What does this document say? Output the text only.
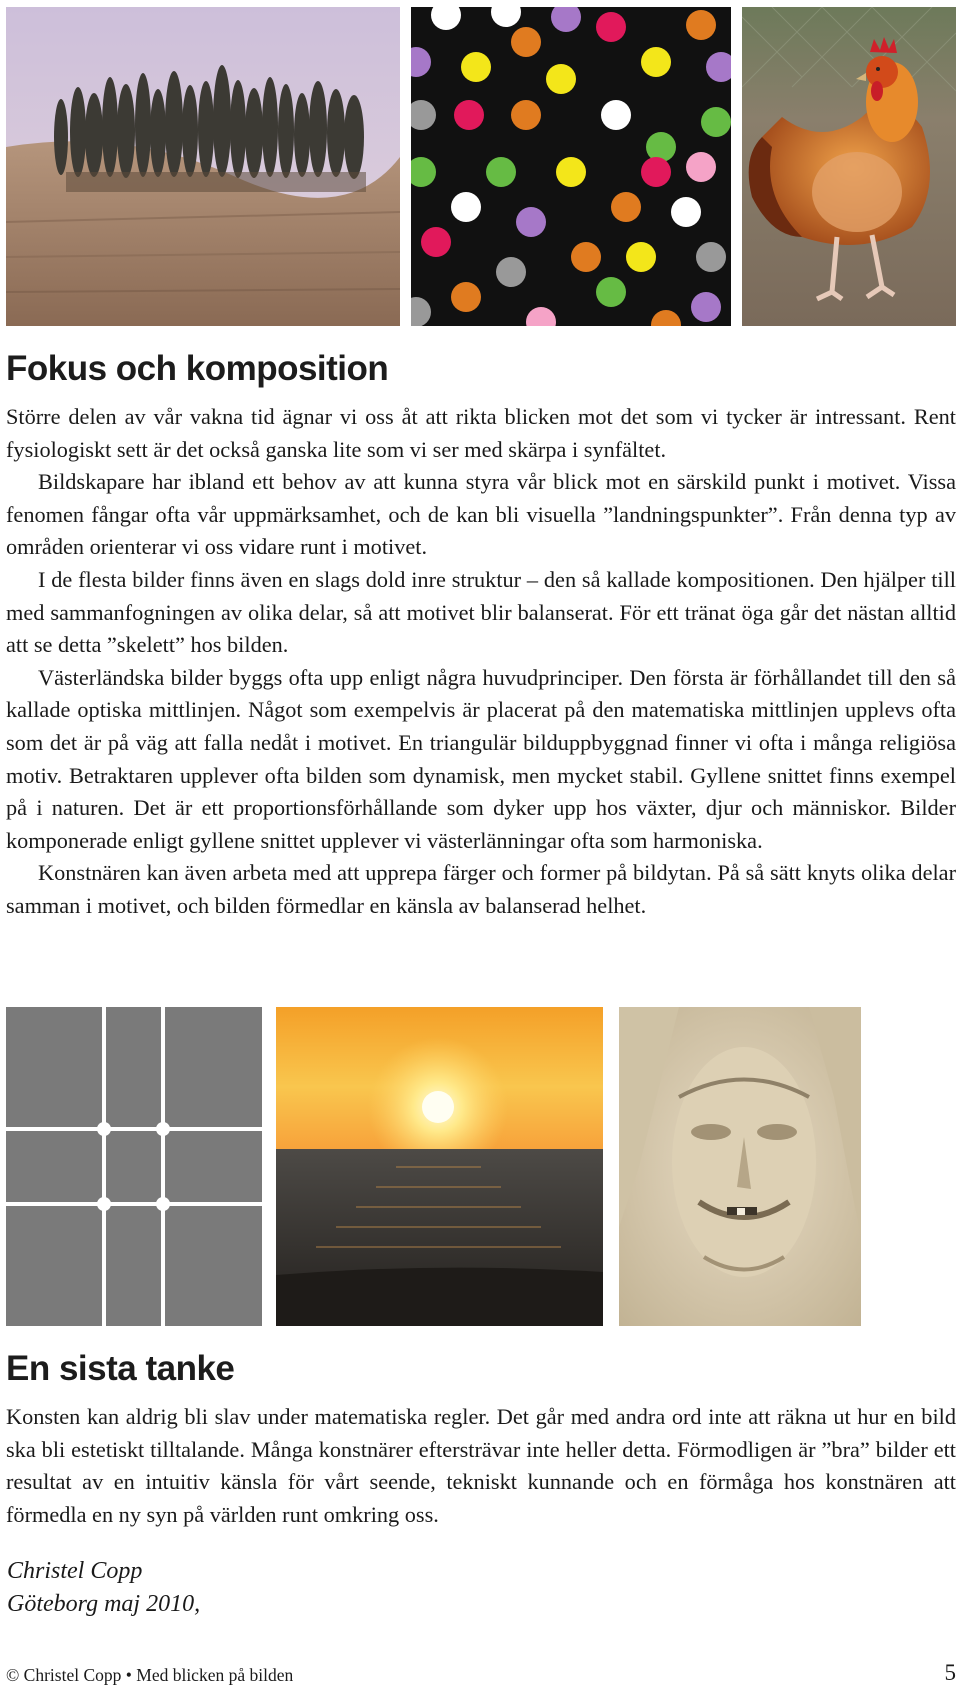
Fokus och komposition

Större delen av vår vakna tid ägnar vi oss åt att rikta blicken mot det som vi tycker är intressant. Rent fysiologiskt sett är det också ganska lite som vi ser med skärpa i synfältet.

Bildskapare har ibland ett behov av att kunna styra vår blick mot en särskild punkt i motivet. Vissa fenomen fångar ofta vår uppmärksamhet, och de kan bli visuella ”landningspunkter”. Från denna typ av områden orienterar vi oss vidare runt i motivet.

I de flesta bilder finns även en slags dold inre struktur – den så kallade kompositionen. Den hjälper till med sammanfogningen av olika delar, så att motivet blir balanserat. För ett tränat öga går det nästan alltid att se detta ”skelett” hos bilden.

Västerländska bilder byggs ofta upp enligt några huvudprinciper. Den första är förhållandet till den så kallade optiska mittlinjen. Något som exempelvis är placerat på den matematiska mittlinjen upplevs ofta som det är på väg att falla nedåt i motivet. En triangulär bilduppbyggnad finner vi ofta i många religiösa motiv. Betraktaren upplever ofta bilden som dynamisk, men mycket stabil. Gyllene snittet finns exempel på i naturen. Det är ett proportionsförhållande som dyker upp hos växter, djur och människor. Bilder komponerade enligt gyllene snittet upplever vi västerlänningar ofta som harmoniska.

Konstnären kan även arbeta med att upprepa färger och former på bildytan. På så sätt knyts olika delar samman i motivet, och bilden förmedlar en känsla av balanserad helhet.

En sista tanke

Konsten kan aldrig bli slav under matematiska regler. Det går med andra ord inte att räkna ut hur en bild ska bli estetiskt tilltalande. Många konstnärer eftersträvar inte heller detta. Förmodligen är ”bra” bilder ett resultat av en intuitiv känsla för vårt seende, tekniskt kunnande och en förmåga hos konstnären att förmedla en ny syn på världen runt omkring oss.

Christel Copp
Göteborg maj 2010,
© Christel Copp • Med blicken på bilden	5
